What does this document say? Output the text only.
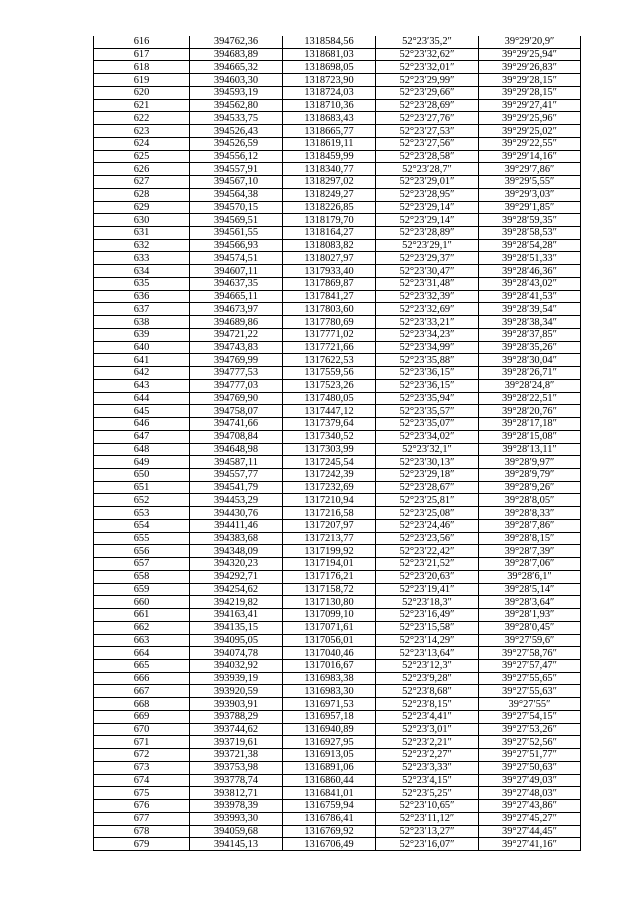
616	394762,36	1318584,56	52°23′35,2″	39°29′20,9″
617	394683,89	1318681,03	52°23′32,62″	39°29′25,94″
618	394665,32	1318698,05	52°23′32,01″	39°29′26,83″
619	394603,30	1318723,90	52°23′29,99″	39°29′28,15″
620	394593,19	1318724,03	52°23′29,66″	39°29′28,15″
621	394562,80	1318710,36	52°23′28,69″	39°29′27,41″
622	394533,75	1318683,43	52°23′27,76″	39°29′25,96″
623	394526,43	1318665,77	52°23′27,53″	39°29′25,02″
624	394526,59	1318619,11	52°23′27,56″	39°29′22,55″
625	394556,12	1318459,99	52°23′28,58″	39°29′14,16″
626	394557,91	1318340,77	52°23′28,7″	39°29′7,86″
627	394567,10	1318297,02	52°23′29,01″	39°29′5,55″
628	394564,38	1318249,27	52°23′28,95″	39°29′3,03″
629	394570,15	1318226,85	52°23′29,14″	39°29′1,85″
630	394569,51	1318179,70	52°23′29,14″	39°28′59,35″
631	394561,55	1318164,27	52°23′28,89″	39°28′58,53″
632	394566,93	1318083,82	52°23′29,1″	39°28′54,28″
633	394574,51	1318027,97	52°23′29,37″	39°28′51,33″
634	394607,11	1317933,40	52°23′30,47″	39°28′46,36″
635	394637,35	1317869,87	52°23′31,48″	39°28′43,02″
636	394665,11	1317841,27	52°23′32,39″	39°28′41,53″
637	394673,97	1317803,60	52°23′32,69″	39°28′39,54″
638	394689,86	1317780,69	52°23′33,21″	39°28′38,34″
639	394721,22	1317771,02	52°23′34,23″	39°28′37,85″
640	394743,83	1317721,66	52°23′34,99″	39°28′35,26″
641	394769,99	1317622,53	52°23′35,88″	39°28′30,04″
642	394777,53	1317559,56	52°23′36,15″	39°28′26,71″
643	394777,03	1317523,26	52°23′36,15″	39°28′24,8″
644	394769,90	1317480,05	52°23′35,94″	39°28′22,51″
645	394758,07	1317447,12	52°23′35,57″	39°28′20,76″
646	394741,66	1317379,64	52°23′35,07″	39°28′17,18″
647	394708,84	1317340,52	52°23′34,02″	39°28′15,08″
648	394648,98	1317303,99	52°23′32,1″	39°28′13,11″
649	394587,11	1317245,54	52°23′30,13″	39°28′9,97″
650	394557,77	1317242,39	52°23′29,18″	39°28′9,79″
651	394541,79	1317232,69	52°23′28,67″	39°28′9,26″
652	394453,29	1317210,94	52°23′25,81″	39°28′8,05″
653	394430,76	1317216,58	52°23′25,08″	39°28′8,33″
654	394411,46	1317207,97	52°23′24,46″	39°28′7,86″
655	394383,68	1317213,77	52°23′23,56″	39°28′8,15″
656	394348,09	1317199,92	52°23′22,42″	39°28′7,39″
657	394320,23	1317194,01	52°23′21,52″	39°28′7,06″
658	394292,71	1317176,21	52°23′20,63″	39°28′6,1″
659	394254,62	1317158,72	52°23′19,41″	39°28′5,14″
660	394219,82	1317130,80	52°23′18,3″	39°28′3,64″
661	394163,41	1317099,10	52°23′16,49″	39°28′1,93″
662	394135,15	1317071,61	52°23′15,58″	39°28′0,45″
663	394095,05	1317056,01	52°23′14,29″	39°27′59,6″
664	394074,78	1317040,46	52°23′13,64″	39°27′58,76″
665	394032,92	1317016,67	52°23′12,3″	39°27′57,47″
666	393939,19	1316983,38	52°23′9,28″	39°27′55,65″
667	393920,59	1316983,30	52°23′8,68″	39°27′55,63″
668	393903,91	1316971,53	52°23′8,15″	39°27′55″
669	393788,29	1316957,18	52°23′4,41″	39°27′54,15″
670	393744,62	1316940,89	52°23′3,01″	39°27′53,26″
671	393719,61	1316927,95	52°23′2,21″	39°27′52,56″
672	393721,38	1316913,05	52°23′2,27″	39°27′51,77″
673	393753,98	1316891,06	52°23′3,33″	39°27′50,63″
674	393778,74	1316860,44	52°23′4,15″	39°27′49,03″
675	393812,71	1316841,01	52°23′5,25″	39°27′48,03″
676	393978,39	1316759,94	52°23′10,65″	39°27′43,86″
677	393993,30	1316786,41	52°23′11,12″	39°27′45,27″
678	394059,68	1316769,92	52°23′13,27″	39°27′44,45″
679	394145,13	1316706,49	52°23′16,07″	39°27′41,16″
